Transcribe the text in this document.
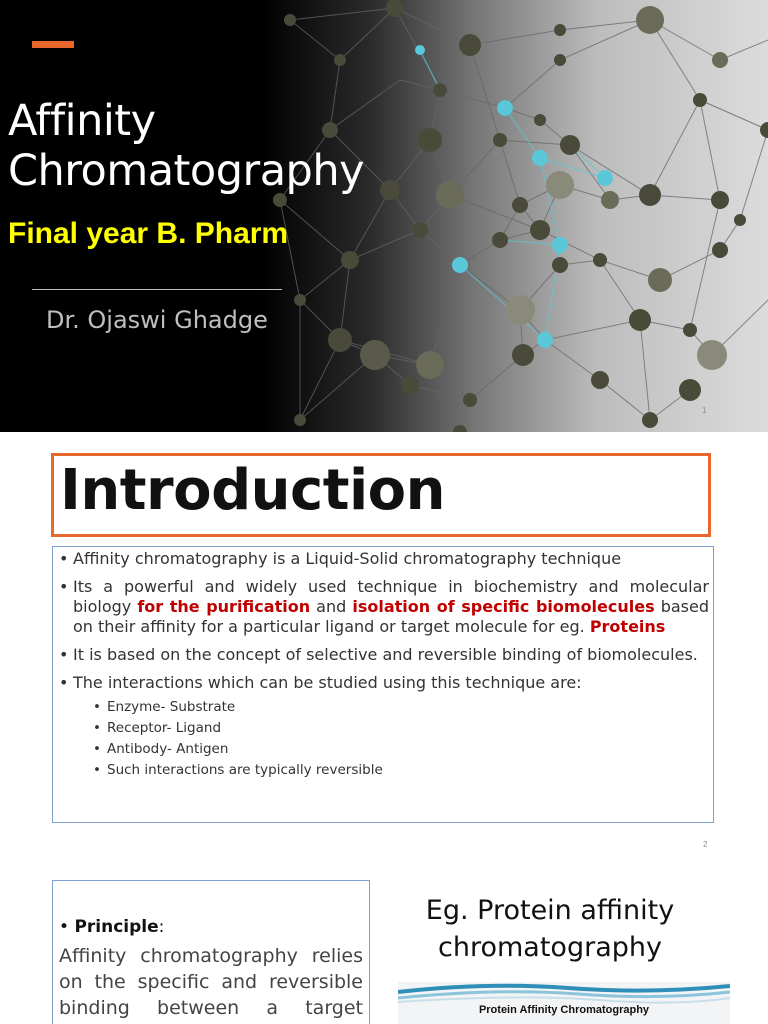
Affinity
Chromatography
Final year B. Pharm
Dr. Ojaswi Ghadge
1
Introduction
• Affinity chromatography is a Liquid-Solid chromatography technique
• Its a powerful and widely used technique in biochemistry and molecular biology for the purification and isolation of specific biomolecules based on their affinity for a particular ligand or target molecule for eg. Proteins
• It is based on the concept of selective and reversible binding of biomolecules.
• The interactions which can be studied using this technique are:
• Enzyme- Substrate
• Receptor- Ligand
• Antibody- Antigen
• Such interactions are typically reversible
2
• Principle:
Affinity chromatography relies on the specific and reversible binding between a target
Eg. Protein affinity chromatography
Protein Affinity Chromatography
